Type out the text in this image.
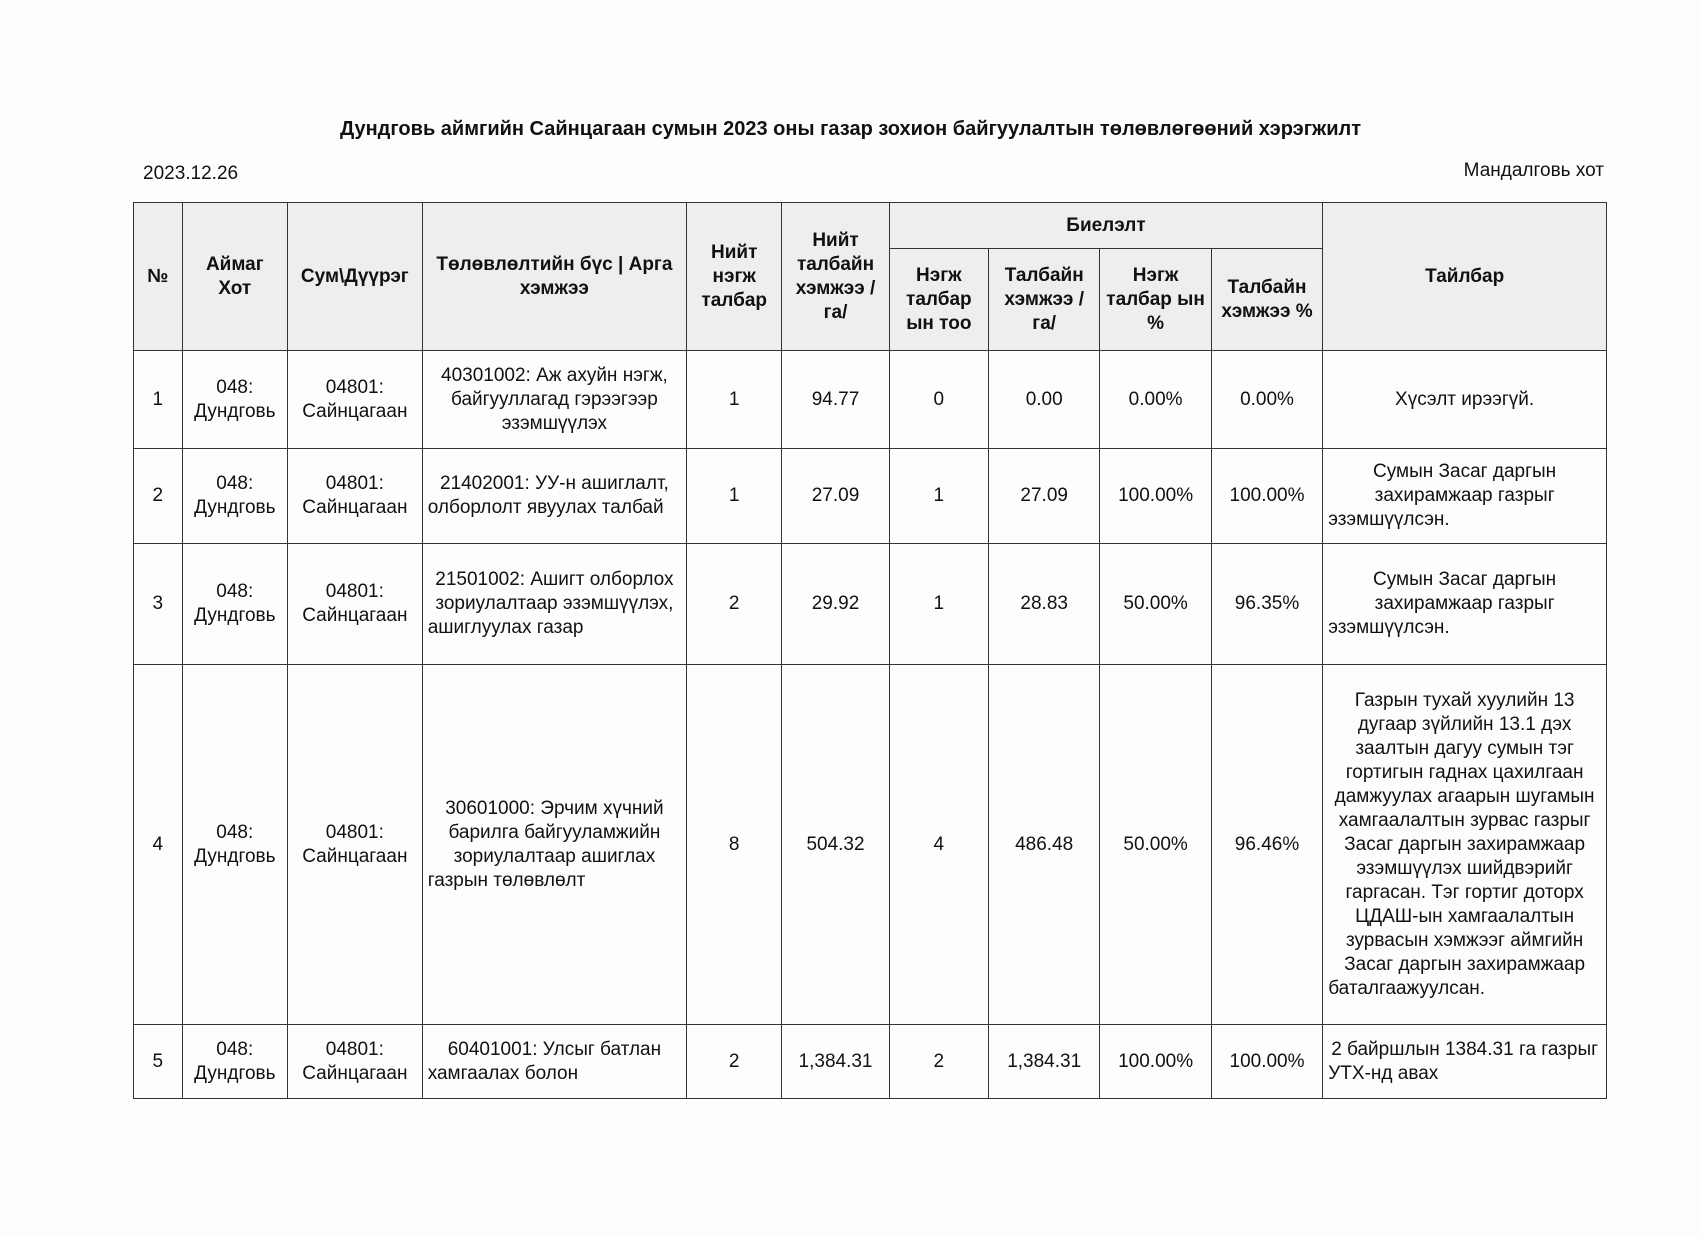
Дундговь аймгийн Сайнцагаан сумын 2023 оны газар зохион байгуулалтын төлөвлөгөөний хэрэгжилт
2023.12.26	Мандалговь хот
№	Аймаг Хот	Сум\Дүүрэг	Төлөвлөлтийн бүс | Арга хэмжээ	Нийт нэгж талбар	Нийт талбайн хэмжээ /га/	Биелэлт				Тайлбар
						Нэгж талбар ын тоо	Талбайн хэмжээ /га/	Нэгж талбар ын %	Талбайн хэмжээ %	
1	048: Дундговь	04801: Сайнцагаан	40301002: Аж ахуйн нэгж, байгууллагад гэрээгээр эзэмшүүлэх	1	94.77	0	0.00	0.00%	0.00%	Хүсэлт ирээгүй.
2	048: Дундговь	04801: Сайнцагаан	21402001: УУ-н ашиглалт, олборлолт явуулах талбай	1	27.09	1	27.09	100.00%	100.00%	Сумын Засаг даргын захирамжаар газрыг эзэмшүүлсэн.
3	048: Дундговь	04801: Сайнцагаан	21501002: Ашигт олборлох зориулалтаар эзэмшүүлэх, ашиглуулах газар	2	29.92	1	28.83	50.00%	96.35%	Сумын Засаг даргын захирамжаар газрыг эзэмшүүлсэн.
4	048: Дундговь	04801: Сайнцагаан	30601000: Эрчим хүчний барилга байгууламжийн зориулалтаар ашиглах газрын төлөвлөлт	8	504.32	4	486.48	50.00%	96.46%	Газрын тухай хуулийн 13 дугаар зүйлийн 13.1 дэх заалтын дагуу сумын тэг гортигын гаднах цахилгаан дамжуулах агаарын шугамын хамгаалалтын зурвас газрыг Засаг даргын захирамжаар эзэмшүүлэх шийдвэрийг гаргасан. Тэг гортиг доторх ЦДАШ-ын хамгаалалтын зурвасын хэмжээг аймгийн Засаг даргын захирамжаар баталгаажуулсан.
5	048: Дундговь	04801: Сайнцагаан	60401001: Улсыг батлан хамгаалах болон	2	1,384.31	2	1,384.31	100.00%	100.00%	2 байршлын 1384.31 га газрыг УТХ-нд авах
